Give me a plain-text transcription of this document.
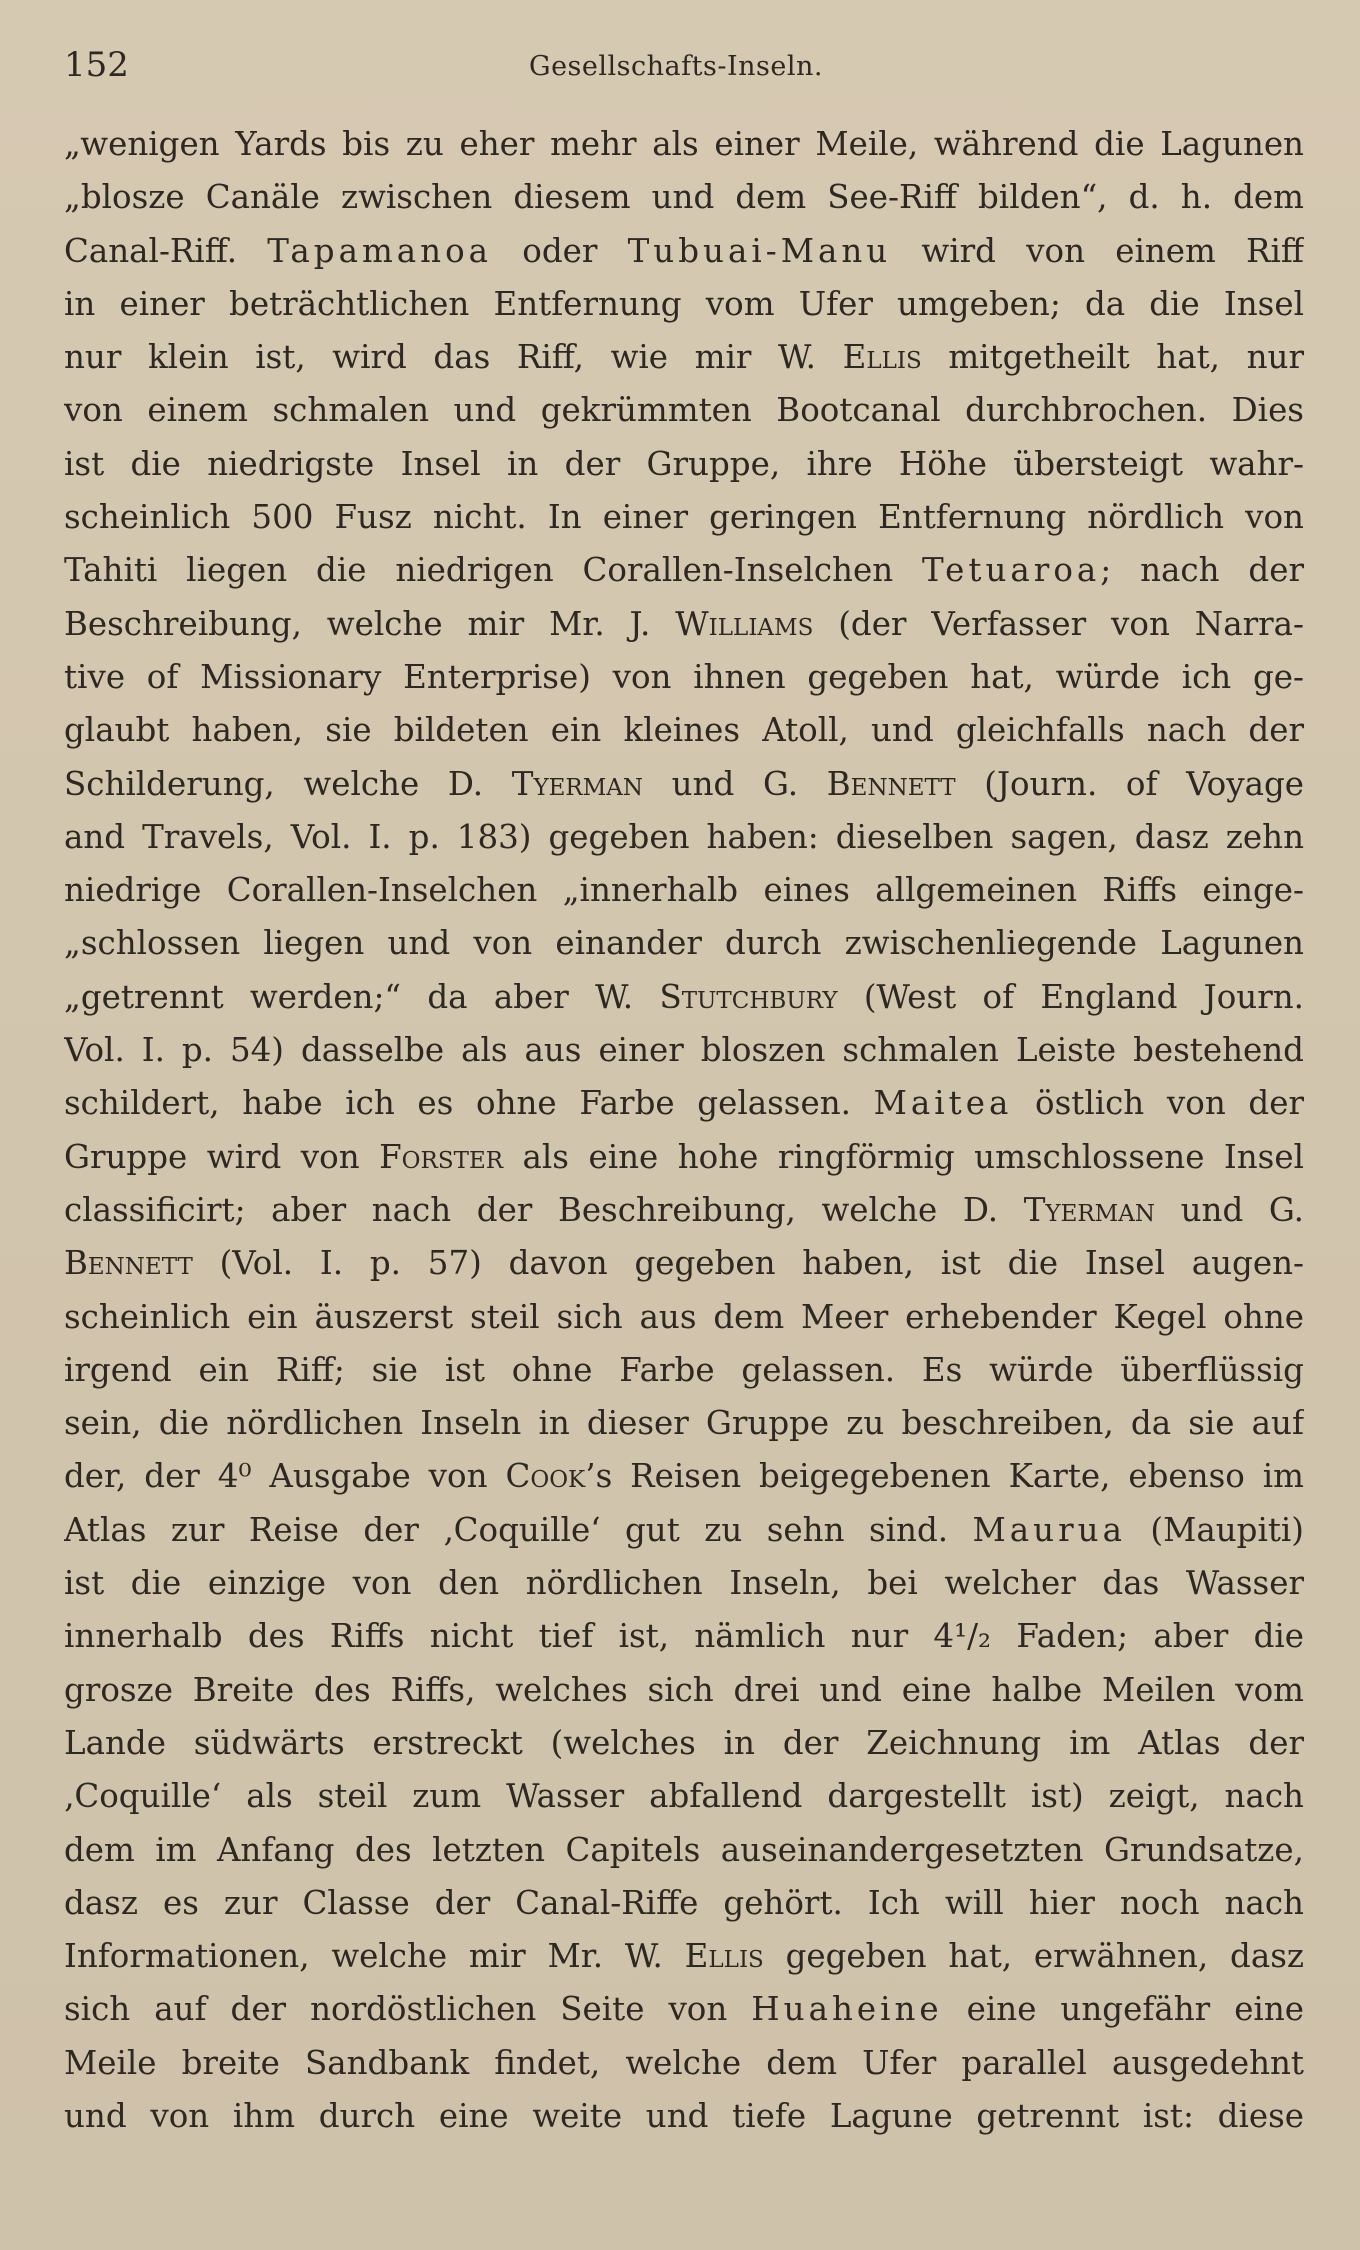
152	Gesellschafts-Inseln.
„wenigen Yards bis zu eher mehr als einer Meile, während die Lagunen
„blosze Canäle zwischen diesem und dem See-Riff bilden“, d. h. dem
Canal-Riff. Tapamanoa oder Tubuai-Manu wird von einem Riff
in einer beträchtlichen Entfernung vom Ufer umgeben; da die Insel
nur klein ist, wird das Riff, wie mir W. Ellis mitgetheilt hat, nur
von einem schmalen und gekrümmten Bootcanal durchbrochen. Dies
ist die niedrigste Insel in der Gruppe, ihre Höhe übersteigt wahr-
scheinlich 500 Fusz nicht. In einer geringen Entfernung nördlich von
Tahiti liegen die niedrigen Corallen-Inselchen Tetuaroa; nach der
Beschreibung, welche mir Mr. J. Williams (der Verfasser von Narra-
tive of Missionary Enterprise) von ihnen gegeben hat, würde ich ge-
glaubt haben, sie bildeten ein kleines Atoll, und gleichfalls nach der
Schilderung, welche D. Tyerman und G. Bennett (Journ. of Voyage
and Travels, Vol. I. p. 183) gegeben haben: dieselben sagen, dasz zehn
niedrige Corallen-Inselchen „innerhalb eines allgemeinen Riffs einge-
„schlossen liegen und von einander durch zwischenliegende Lagunen
„getrennt werden;“ da aber W. Stutchbury (West of England Journ.
Vol. I. p. 54) dasselbe als aus einer bloszen schmalen Leiste bestehend
schildert, habe ich es ohne Farbe gelassen. Maitea östlich von der
Gruppe wird von Forster als eine hohe ringförmig umschlossene Insel
classificirt; aber nach der Beschreibung, welche D. Tyerman und G.
Bennett (Vol. I. p. 57) davon gegeben haben, ist die Insel augen-
scheinlich ein äuszerst steil sich aus dem Meer erhebender Kegel ohne
irgend ein Riff; sie ist ohne Farbe gelassen. Es würde überflüssig
sein, die nördlichen Inseln in dieser Gruppe zu beschreiben, da sie auf
der, der 4⁰ Ausgabe von Cook’s Reisen beigegebenen Karte, ebenso im
Atlas zur Reise der ‚Coquille‘ gut zu sehn sind. Maurua (Maupiti)
ist die einzige von den nördlichen Inseln, bei welcher das Wasser
innerhalb des Riffs nicht tief ist, nämlich nur 4¹/₂ Faden; aber die
grosze Breite des Riffs, welches sich drei und eine halbe Meilen vom
Lande südwärts erstreckt (welches in der Zeichnung im Atlas der
‚Coquille‘ als steil zum Wasser abfallend dargestellt ist) zeigt, nach
dem im Anfang des letzten Capitels auseinandergesetzten Grundsatze,
dasz es zur Classe der Canal-Riffe gehört. Ich will hier noch nach
Informationen, welche mir Mr. W. Ellis gegeben hat, erwähnen, dasz
sich auf der nordöstlichen Seite von Huaheine eine ungefähr eine
Meile breite Sandbank findet, welche dem Ufer parallel ausgedehnt
und von ihm durch eine weite und tiefe Lagune getrennt ist: diese
